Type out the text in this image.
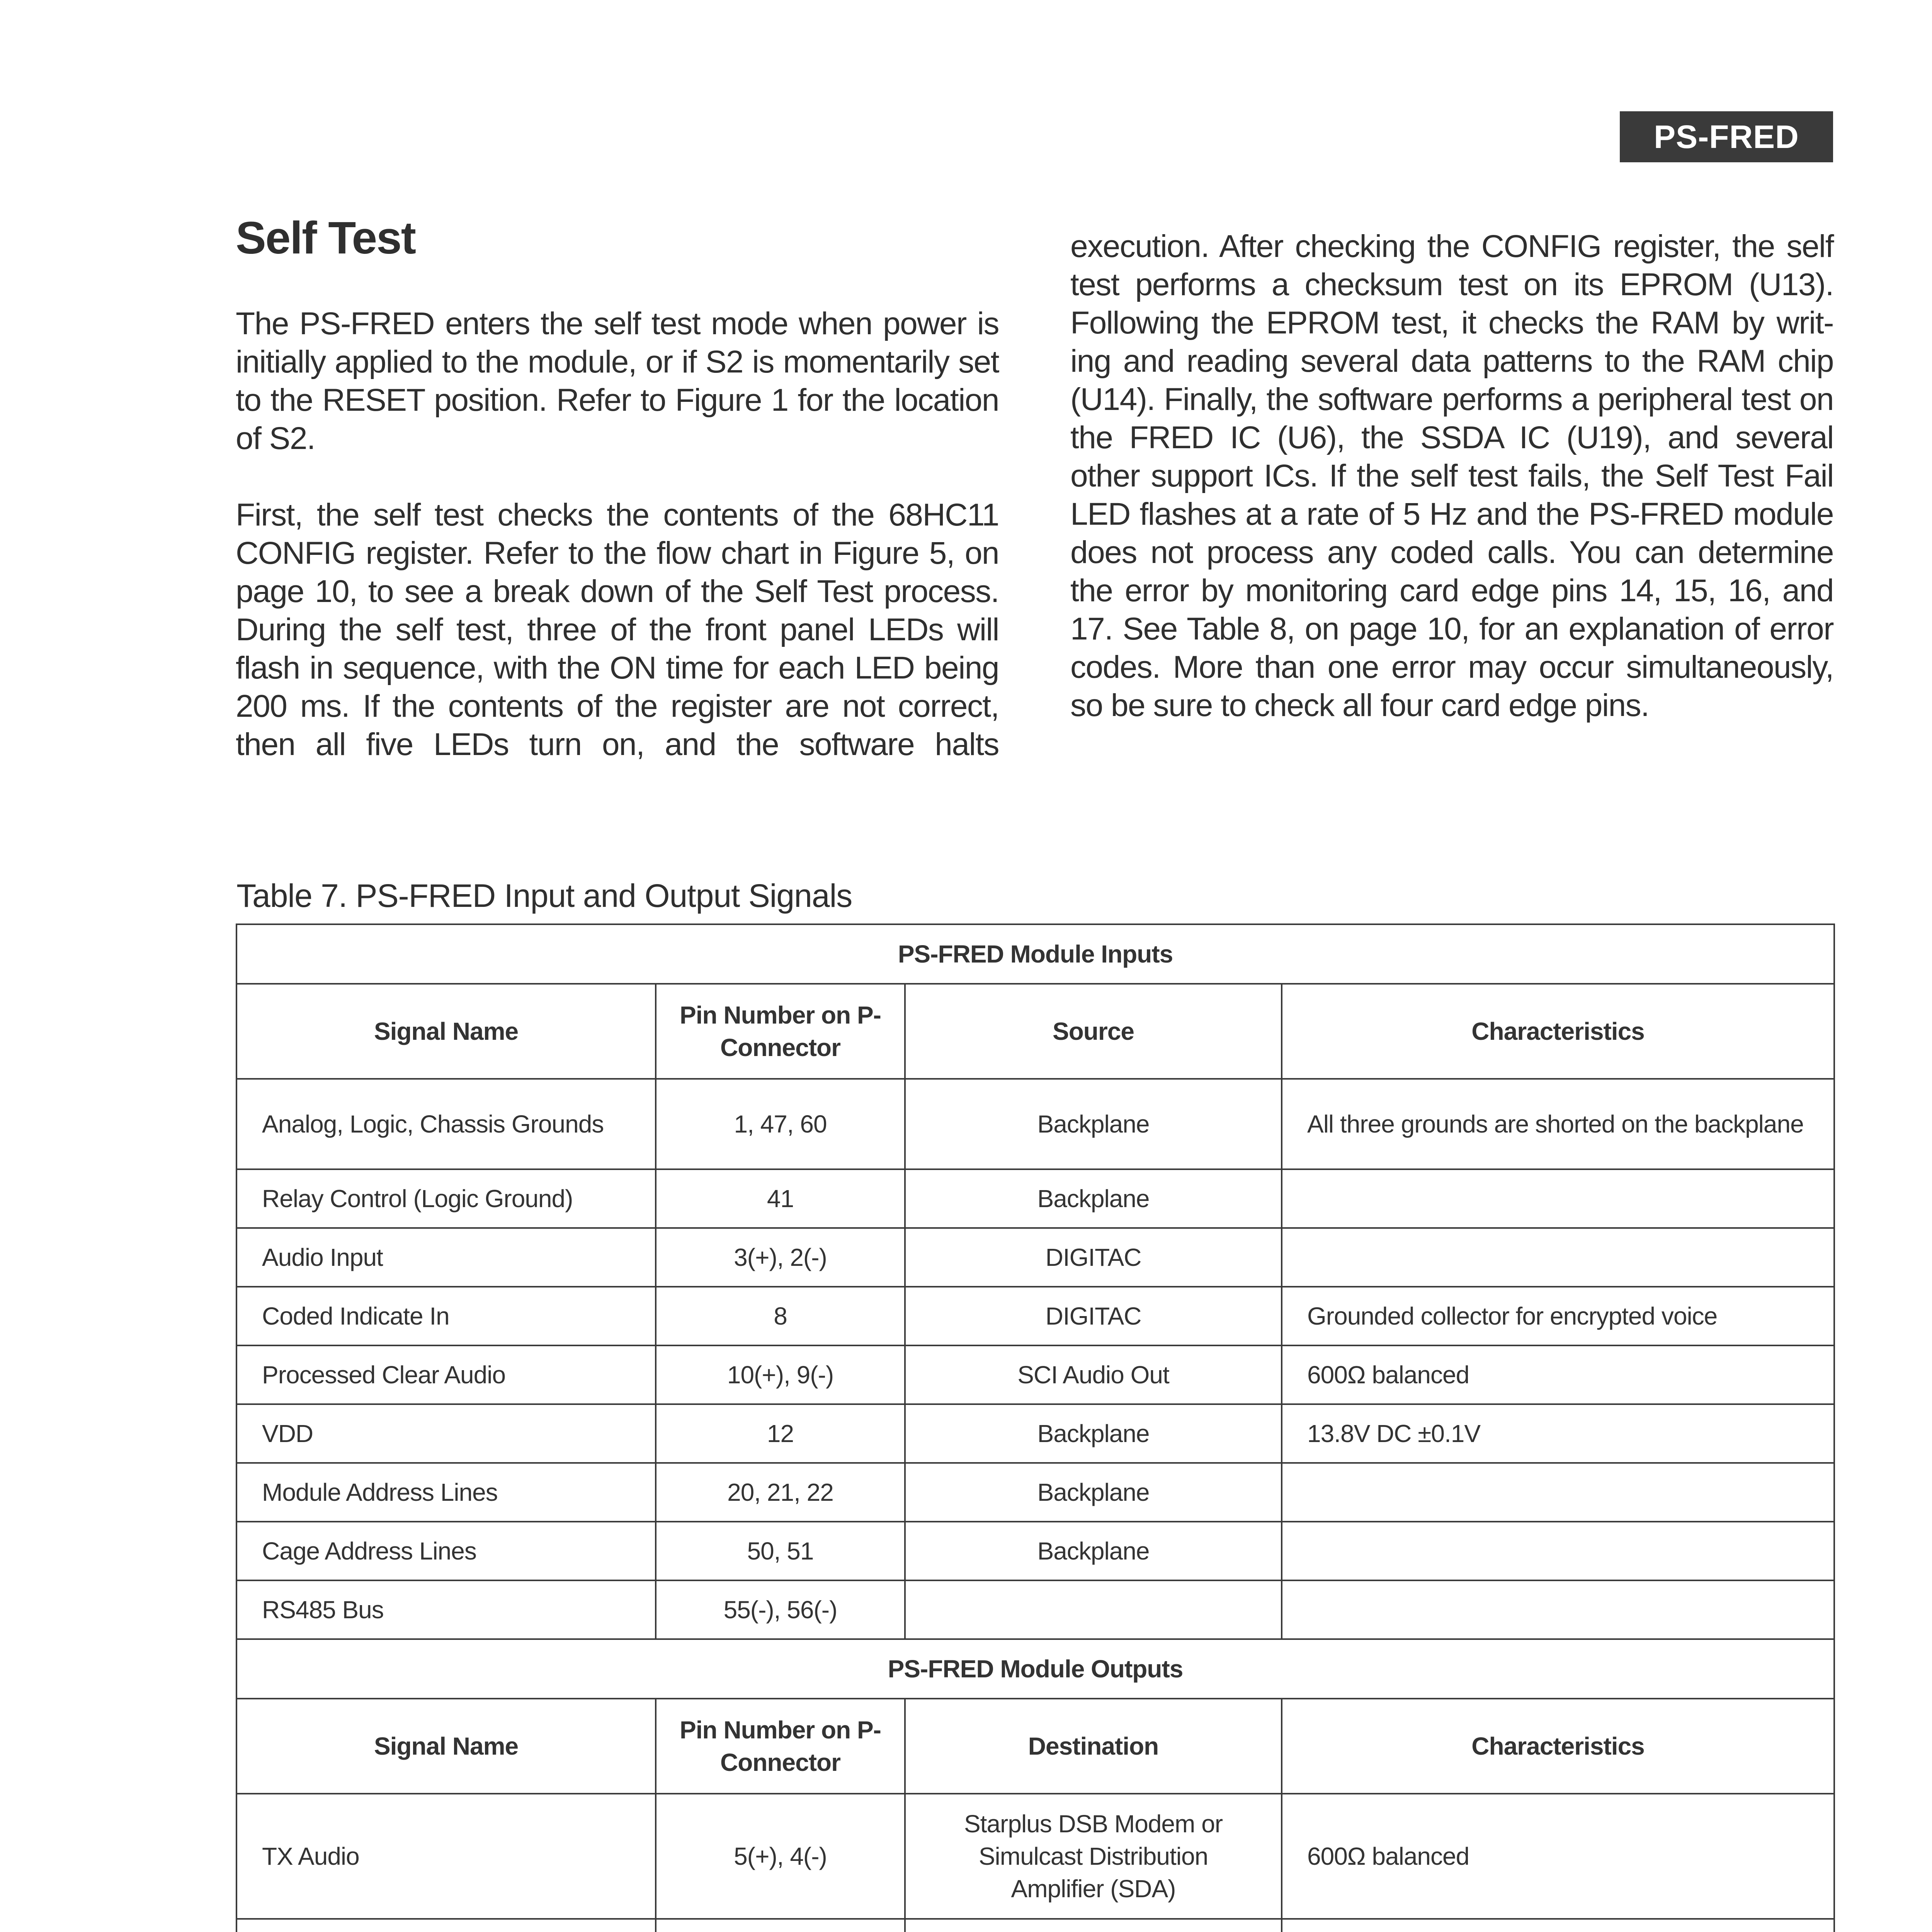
PS-FRED
Self Test

The PS-FRED enters the self test mode when power is initially applied to the module, or if S2 is momentarily set to the RESET position. Refer to Figure 1 for the location of S2.

First, the self test checks the contents of the 68HC11 CONFIG register. Refer to the flow chart in Figure 5, on page 10, to see a break down of the Self Test process. During the self test, three of the front panel LEDs will flash in sequence, with the ON time for each LED being 200 ms. If the contents of the register are not correct, then all five LEDs turn on, and the software halts

execution. After checking the CONFIG register, the self test performs a checksum test on its EPROM (U13). Following the EPROM test, it checks the RAM by writ-ing and reading several data patterns to the RAM chip (U14). Finally, the software performs a peripheral test on the FRED IC (U6), the SSDA IC (U19), and several other support ICs. If the self test fails, the Self Test Fail LED flashes at a rate of 5 Hz and the PS-FRED module does not process any coded calls. You can determine the error by monitoring card edge pins 14, 15, 16, and 17. See Table 8, on page 10, for an explanation of error codes. More than one error may occur simultaneously, so be sure to check all four card edge pins.

Table 7. PS-FRED Input and Output Signals
PS-FRED Module Inputs			
Signal Name	Pin Number on P-Connector	Source	Characteristics
Analog, Logic, Chassis Grounds	1, 47, 60	Backplane	All three grounds are shorted on the backplane
Relay Control (Logic Ground)	41	Backplane	
Audio Input	3(+), 2(-)	DIGITAC	
Coded Indicate In	8	DIGITAC	Grounded collector for encrypted voice
Processed Clear Audio	10(+), 9(-)	SCI Audio Out	600Ω balanced
VDD	12	Backplane	13.8V DC ±0.1V
Module Address Lines	20, 21, 22	Backplane	
Cage Address Lines	50, 51	Backplane	
RS485 Bus	55(-), 56(-)		
PS-FRED Module Outputs			
Signal Name	Pin Number on P-Connector	Destination	Characteristics
TX Audio	5(+), 4(-)	Starplus DSB Modem or Simulcast Distribution Amplifier (SDA)	600Ω balanced
